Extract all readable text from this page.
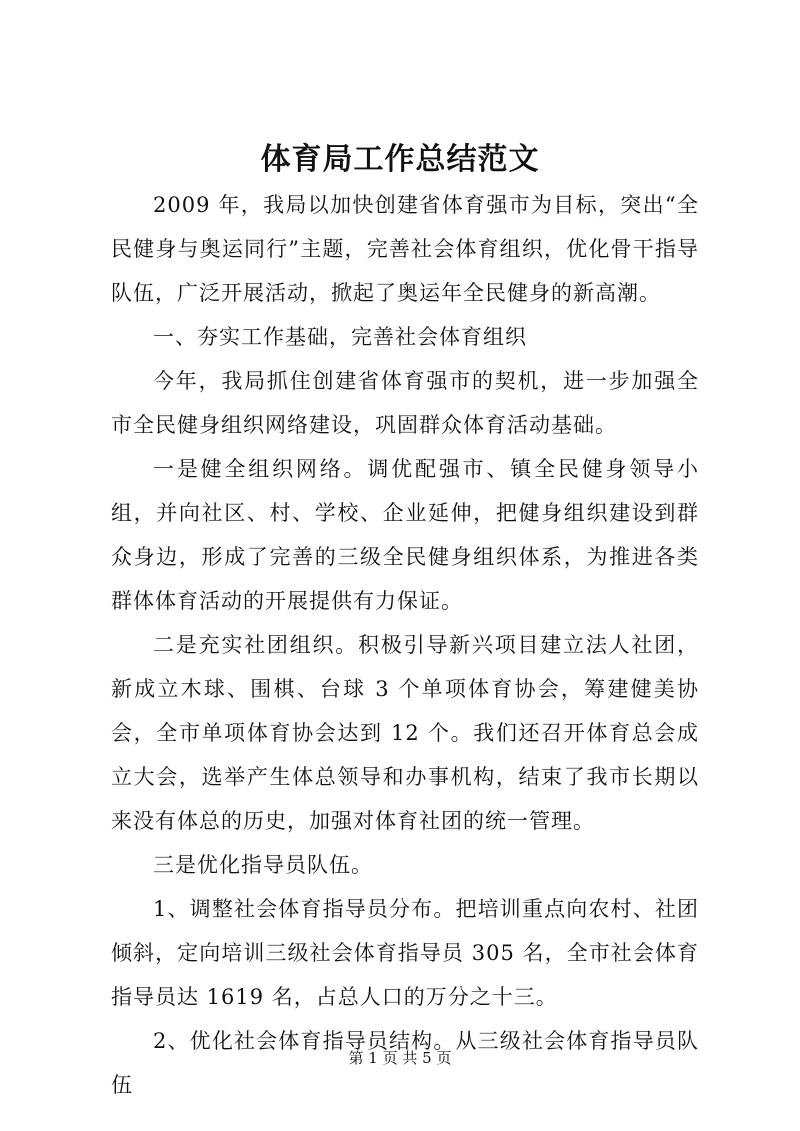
体育局工作总结范文

2009 年，我局以加快创建省体育强市为目标，突出“全民健身与奥运同行”主题，完善社会体育组织，优化骨干指导队伍，广泛开展活动，掀起了奥运年全民健身的新高潮。

一、夯实工作基础，完善社会体育组织

今年，我局抓住创建省体育强市的契机，进一步加强全市全民健身组织网络建设，巩固群众体育活动基础。

一是健全组织网络。调优配强市、镇全民健身领导小组，并向社区、村、学校、企业延伸，把健身组织建设到群众身边，形成了完善的三级全民健身组织体系，为推进各类群体体育活动的开展提供有力保证。

二是充实社团组织。积极引导新兴项目建立法人社团，新成立木球、围棋、台球 3 个单项体育协会，筹建健美协会，全市单项体育协会达到 12 个。我们还召开体育总会成立大会，选举产生体总领导和办事机构，结束了我市长期以来没有体总的历史，加强对体育社团的统一管理。

三是优化指导员队伍。

1、调整社会体育指导员分布。把培训重点向农村、社团倾斜，定向培训三级社会体育指导员 305 名，全市社会体育指导员达 1619 名，占总人口的万分之十三。

2、优化社会体育指导员结构。从三级社会体育指导员队伍

第 1 页 共 5 页
